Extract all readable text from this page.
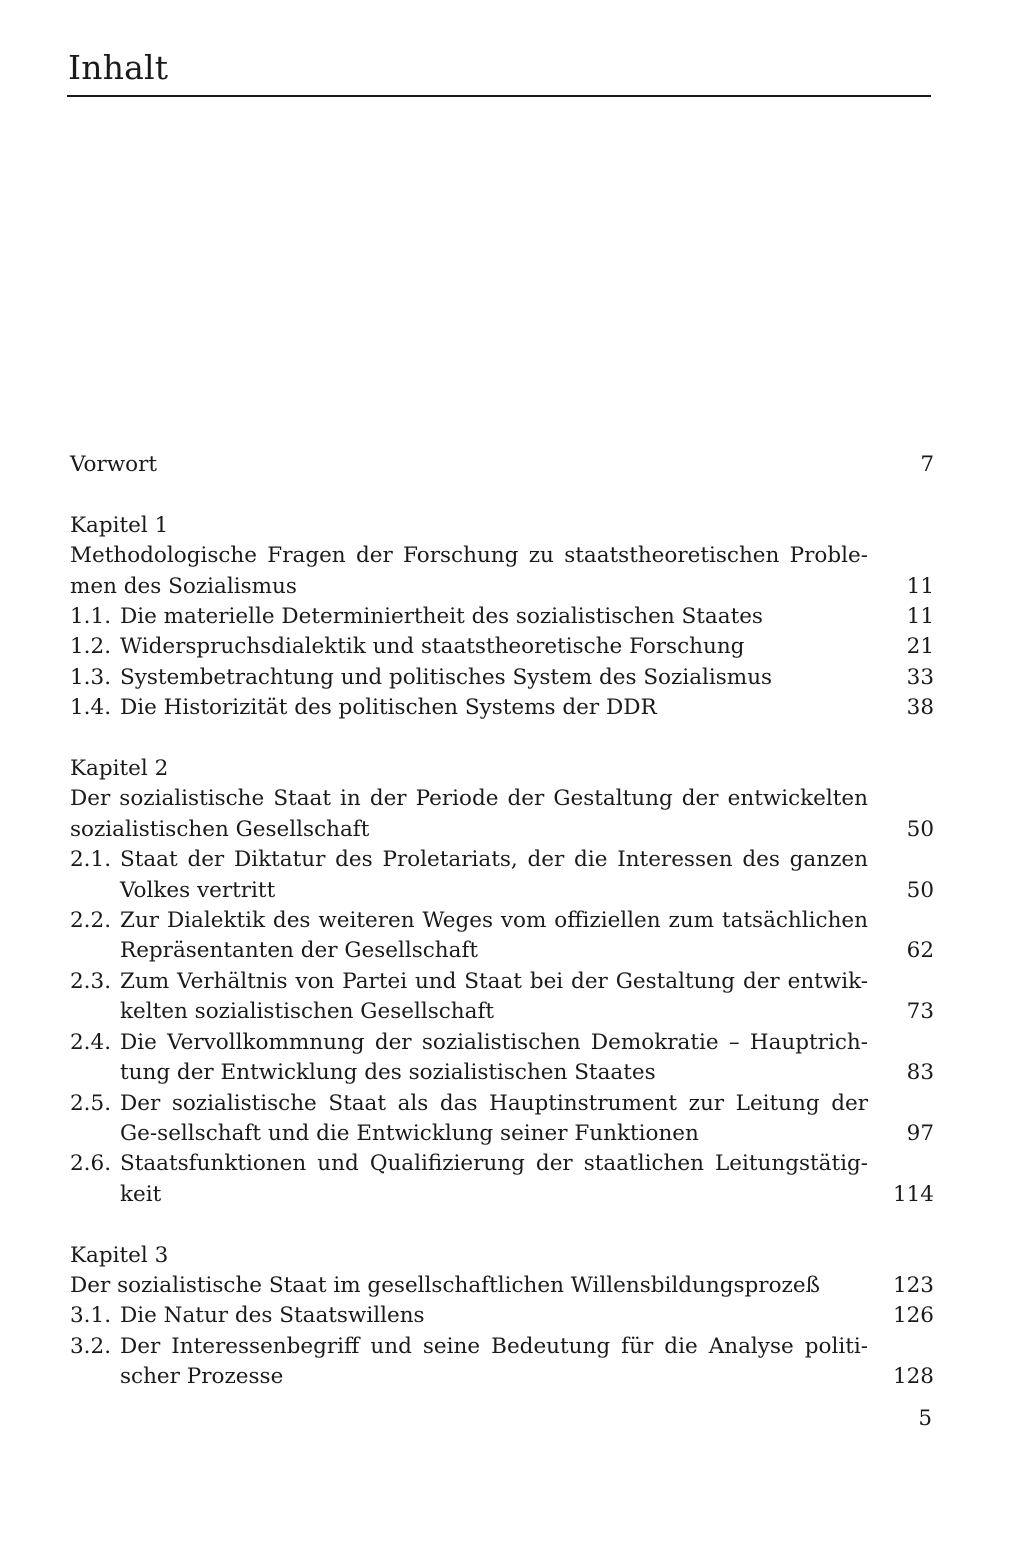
Inhalt
Vorwort	7
Kapitel 1
Methodologische Fragen der Forschung zu staatstheoretischen Proble-men des Sozialismus	11
1.1. Die materielle Determiniertheit des sozialistischen Staates	11
1.2. Widerspruchsdialektik und staatstheoretische Forschung	21
1.3. Systembetrachtung und politisches System des Sozialismus	33
1.4. Die Historizität des politischen Systems der DDR	38
Kapitel 2
Der sozialistische Staat in der Periode der Gestaltung der entwickelten sozialistischen Gesellschaft	50
2.1. Staat der Diktatur des Proletariats, der die Interessen des ganzen Volkes vertritt	50
2.2. Zur Dialektik des weiteren Weges vom offiziellen zum tatsächlichen Repräsentanten der Gesellschaft	62
2.3. Zum Verhältnis von Partei und Staat bei der Gestaltung der entwik-kelten sozialistischen Gesellschaft	73
2.4. Die Vervollkommnung der sozialistischen Demokratie – Hauptrich-tung der Entwicklung des sozialistischen Staates	83
2.5. Der sozialistische Staat als das Hauptinstrument zur Leitung der Ge-sellschaft und die Entwicklung seiner Funktionen	97
2.6. Staatsfunktionen und Qualifizierung der staatlichen Leitungstätig-keit	114
Kapitel 3
Der sozialistische Staat im gesellschaftlichen Willensbildungsprozeß	123
3.1. Die Natur des Staatswillens	126
3.2. Der Interessenbegriff und seine Bedeutung für die Analyse politi-scher Prozesse	128
5
